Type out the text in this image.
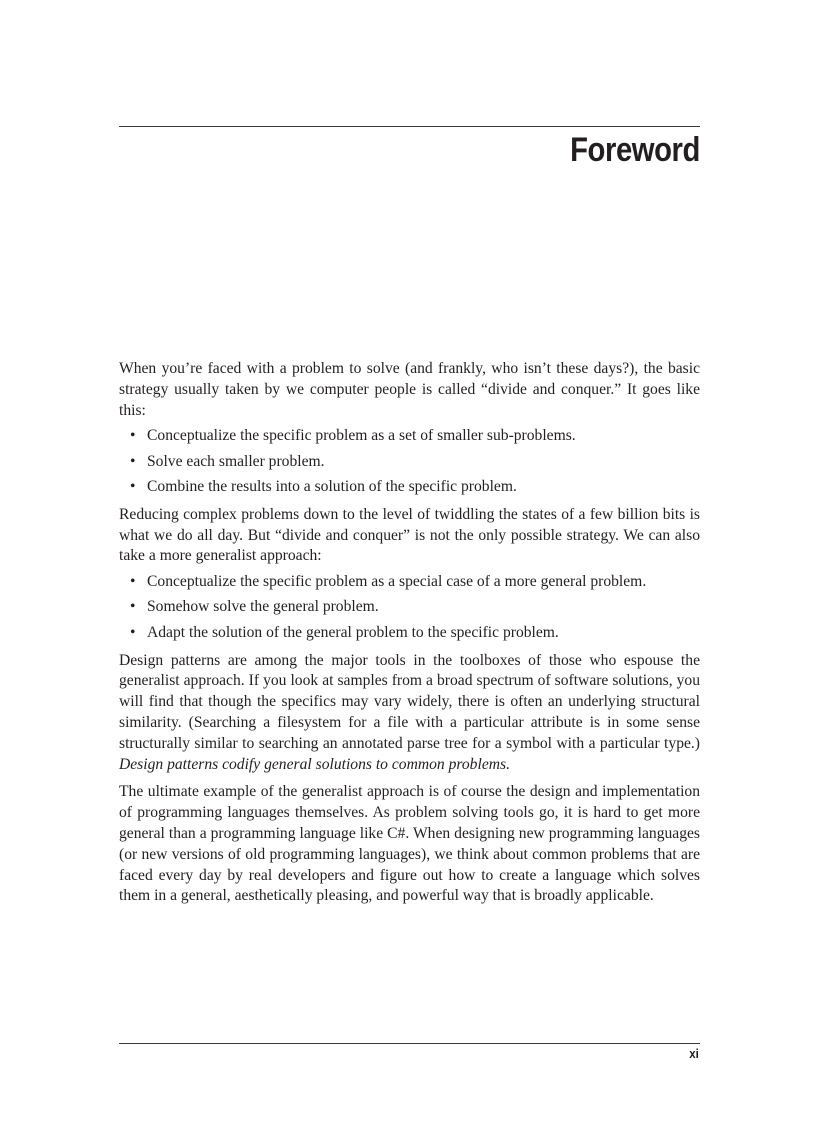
Foreword

When you’re faced with a problem to solve (and frankly, who isn’t these days?), the basic strategy usually taken by we computer people is called “divide and conquer.” It goes like this:

• Conceptualize the specific problem as a set of smaller sub-problems.
• Solve each smaller problem.
• Combine the results into a solution of the specific problem.

Reducing complex problems down to the level of twiddling the states of a few billion bits is what we do all day. But “divide and conquer” is not the only possible strategy. We can also take a more generalist approach:

• Conceptualize the specific problem as a special case of a more general problem.
• Somehow solve the general problem.
• Adapt the solution of the general problem to the specific problem.

Design patterns are among the major tools in the toolboxes of those who espouse the generalist approach. If you look at samples from a broad spectrum of software solutions, you will find that though the specifics may vary widely, there is often an underlying structural similarity. (Searching a filesystem for a file with a particular attribute is in some sense structurally similar to searching an annotated parse tree for a symbol with a particular type.) Design patterns codify general solutions to common problems.

The ultimate example of the generalist approach is of course the design and implementation of programming languages themselves. As problem solving tools go, it is hard to get more general than a programming language like C#. When designing new programming languages (or new versions of old programming languages), we think about common problems that are faced every day by real developers and figure out how to create a language which solves them in a general, aesthetically pleasing, and powerful way that is broadly applicable.

xi
